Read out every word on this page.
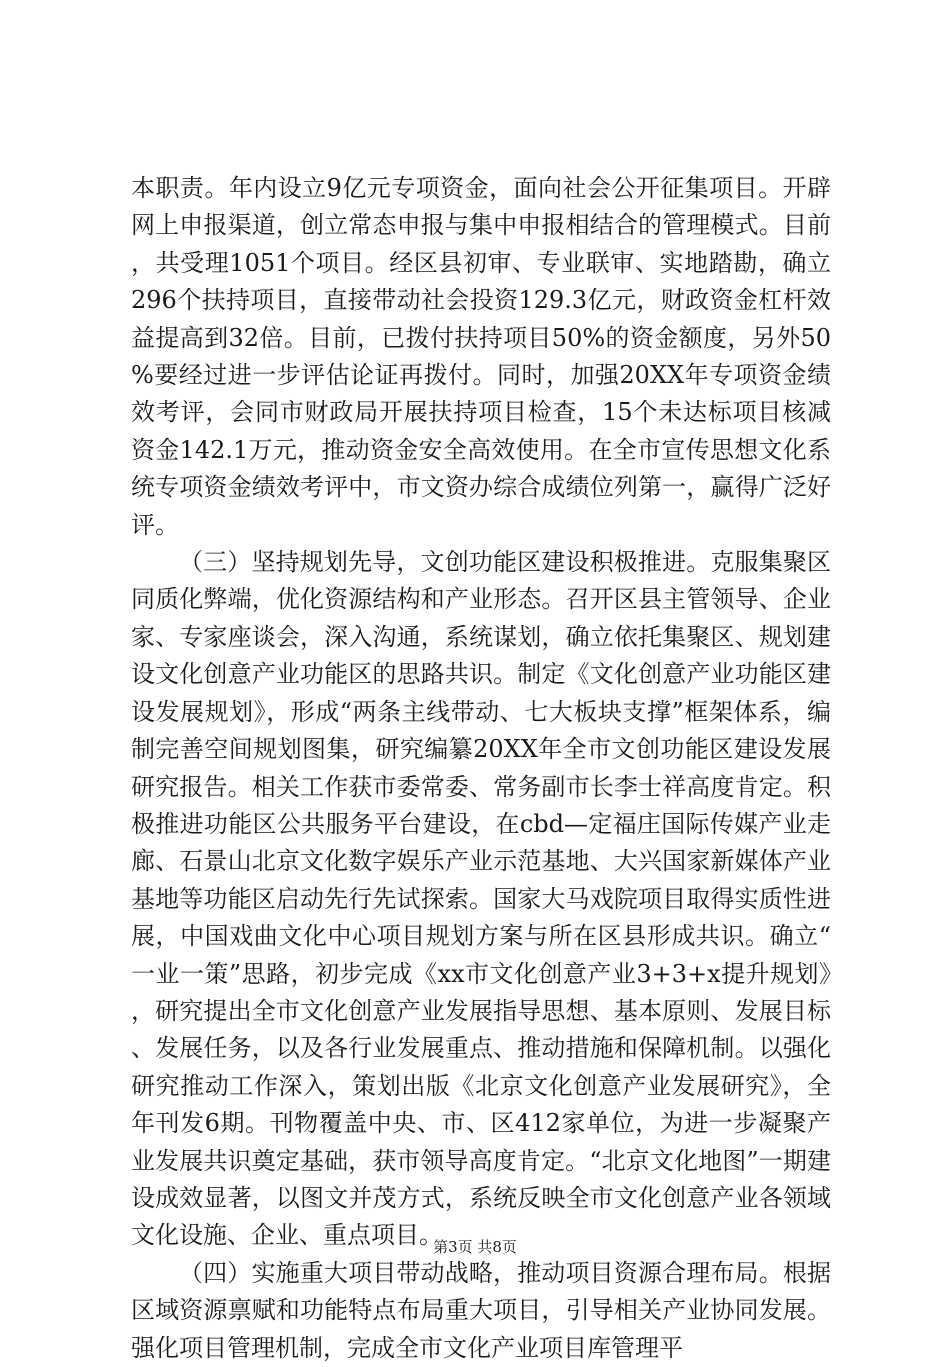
本职责。年内设立9亿元专项资金，面向社会公开征集项目。开辟网上申报渠道，创立常态申报与集中申报相结合的管理模式。目前，共受理1051个项目。经区县初审、专业联审、实地踏勘，确立296个扶持项目，直接带动社会投资129.3亿元，财政资金杠杆效益提高到32倍。目前，已拨付扶持项目50%的资金额度，另外50%要经过进一步评估论证再拨付。同时，加强20XX年专项资金绩效考评，会同市财政局开展扶持项目检查，15个未达标项目核减资金142.1万元，推动资金安全高效使用。在全市宣传思想文化系统专项资金绩效考评中，市文资办综合成绩位列第一，赢得广泛好评。

（三）坚持规划先导，文创功能区建设积极推进。克服集聚区同质化弊端，优化资源结构和产业形态。召开区县主管领导、企业家、专家座谈会，深入沟通，系统谋划，确立依托集聚区、规划建设文化创意产业功能区的思路共识。制定《文化创意产业功能区建设发展规划》，形成“两条主线带动、七大板块支撑”框架体系，编制完善空间规划图集，研究编纂20XX年全市文创功能区建设发展研究报告。相关工作获市委常委、常务副市长李士祥高度肯定。积极推进功能区公共服务平台建设，在cbd—定福庄国际传媒产业走廊、石景山北京文化数字娱乐产业示范基地、大兴国家新媒体产业基地等功能区启动先行先试探索。国家大马戏院项目取得实质性进展，中国戏曲文化中心项目规划方案与所在区县形成共识。确立“一业一策”思路，初步完成《xx市文化创意产业3+3+x提升规划》，研究提出全市文化创意产业发展指导思想、基本原则、发展目标、发展任务，以及各行业发展重点、推动措施和保障机制。以强化研究推动工作深入，策划出版《北京文化创意产业发展研究》，全年刊发6期。刊物覆盖中央、市、区412家单位，为进一步凝聚产业发展共识奠定基础，获市领导高度肯定。“北京文化地图”一期建设成效显著，以图文并茂方式，系统反映全市文化创意产业各领域文化设施、企业、重点项目。

（四）实施重大项目带动战略，推动项目资源合理布局。根据区域资源禀赋和功能特点布局重大项目，引导相关产业协同发展。强化项目管理机制，完成全市文化产业项目库管理平

第3页 共8页
